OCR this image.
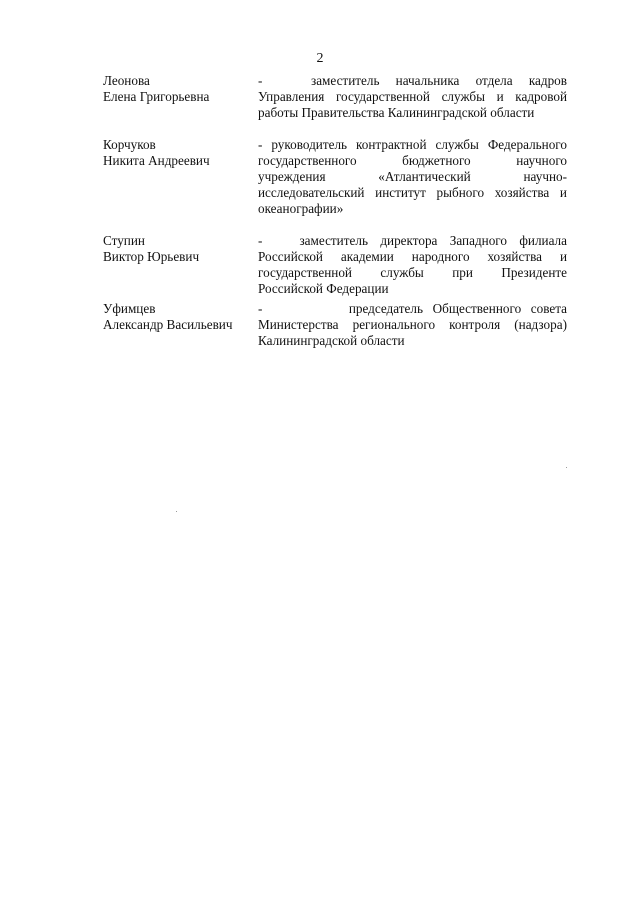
2
Леонова
Елена Григорьевна
-   заместитель начальника отдела кадров
Управления государственной службы и кадровой
работы Правительства Калининградской области
Корчуков
Никита Андреевич
- руководитель контрактной службы Федерального
государственного бюджетного научного
учреждения «Атлантический научно-
исследовательский институт рыбного хозяйства и
океанографии»
Ступин
Виктор Юрьевич
-   заместитель директора Западного филиала
Российской академии народного хозяйства и
государственной службы при Президенте
Российской Федерации
Уфимцев
Александр Васильевич
-         председатель Общественного совета
Министерства регионального контроля (надзора)
Калининградской области
